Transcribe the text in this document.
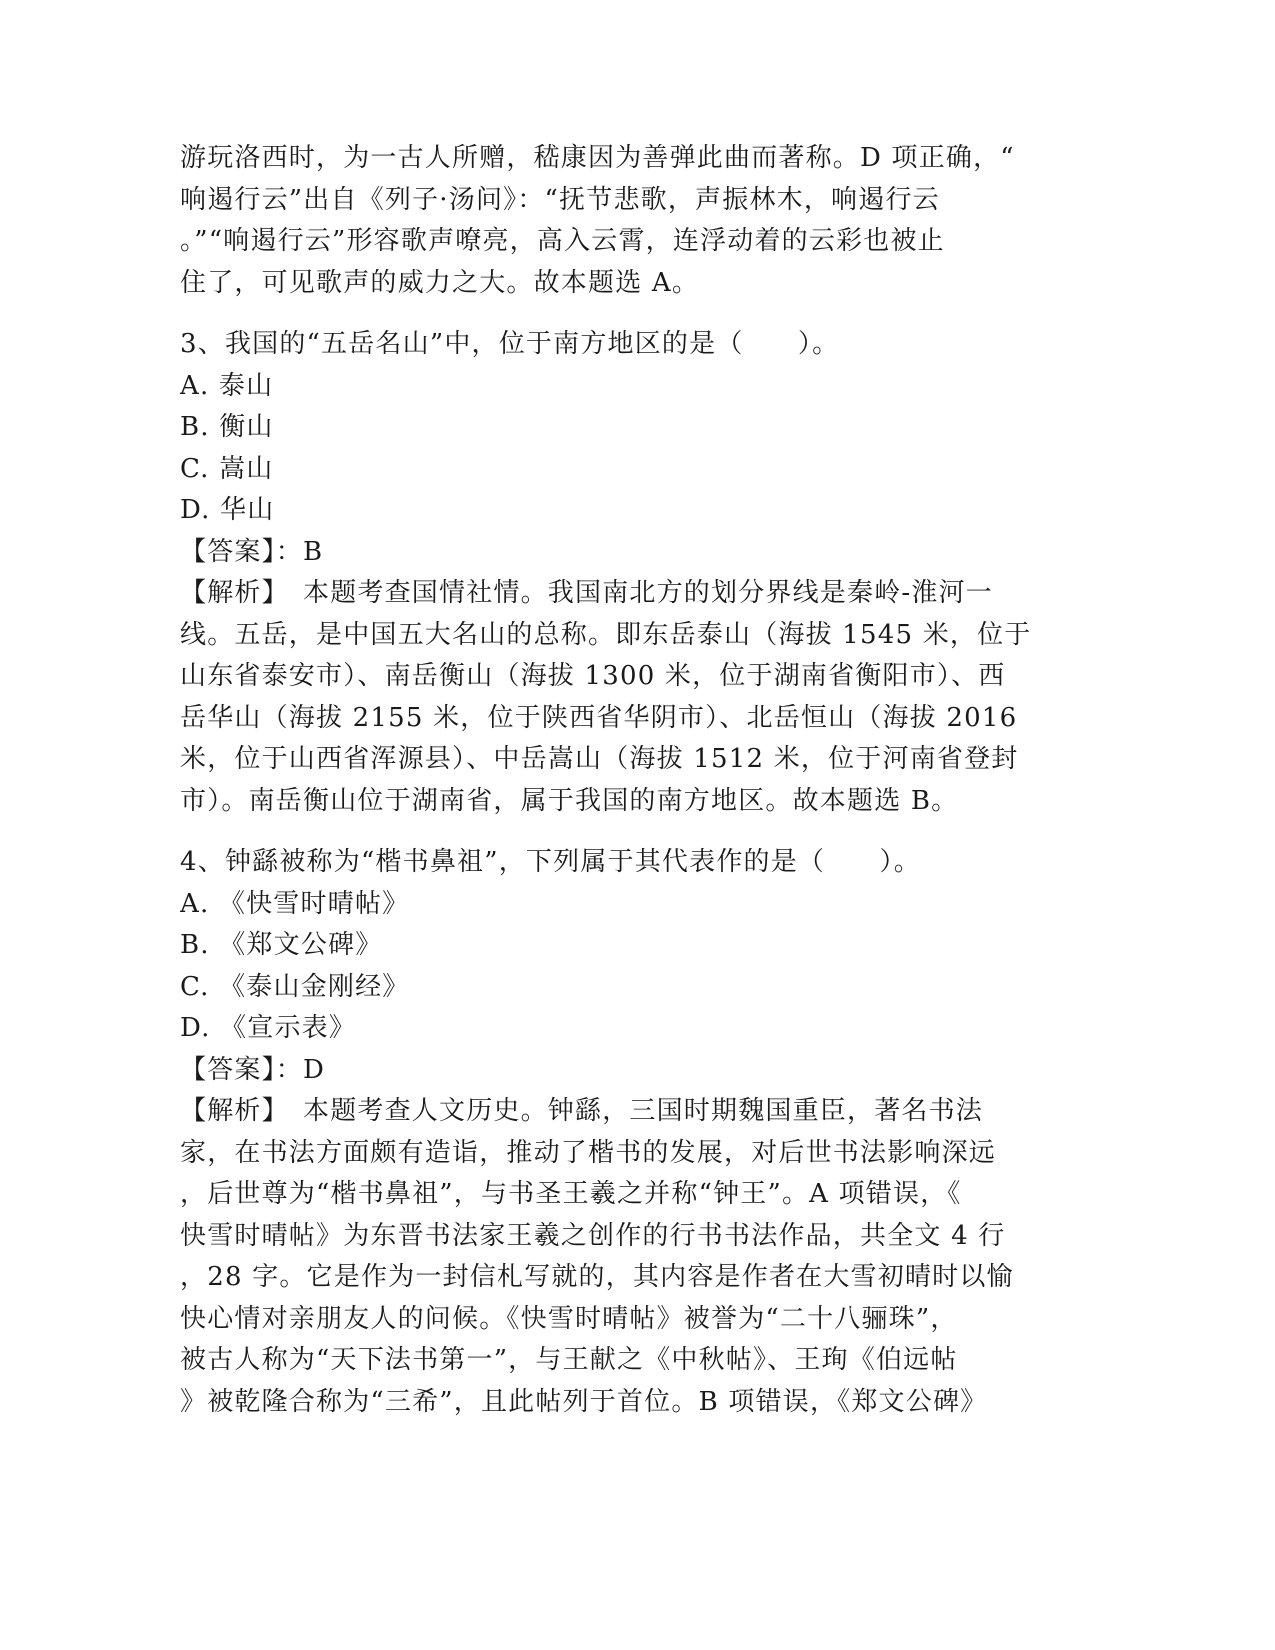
游玩洛西时，为一古人所赠，嵇康因为善弹此曲而著称。D 项正确，“
响遏行云”出自《列子·汤问》：“抚节悲歌，声振林木，响遏行云
。”“响遏行云”形容歌声嘹亮，高入云霄，连浮动着的云彩也被止
住了，可见歌声的威力之大。故本题选 A。
3、我国的“五岳名山”中，位于南方地区的是（　　）。
A. 泰山
B. 衡山
C. 嵩山
D. 华山
【答案】：B
【解析】　本题考查国情社情。我国南北方的划分界线是秦岭-淮河一
线。五岳，是中国五大名山的总称。即东岳泰山（海拔 1545 米，位于
山东省泰安市）、南岳衡山（海拔 1300 米，位于湖南省衡阳市）、西
岳华山（海拔 2155 米，位于陕西省华阴市）、北岳恒山（海拔 2016
米，位于山西省浑源县）、中岳嵩山（海拔 1512 米，位于河南省登封
市）。南岳衡山位于湖南省，属于我国的南方地区。故本题选 B。
4、钟繇被称为“楷书鼻祖”，下列属于其代表作的是（　　）。
A. 《快雪时晴帖》
B. 《郑文公碑》
C. 《泰山金刚经》
D. 《宣示表》
【答案】：D
【解析】　本题考查人文历史。钟繇，三国时期魏国重臣，著名书法
家，在书法方面颇有造诣，推动了楷书的发展，对后世书法影响深远
，后世尊为“楷书鼻祖”，与书圣王羲之并称“钟王”。A 项错误，《
快雪时晴帖》为东晋书法家王羲之创作的行书书法作品，共全文 4 行
，28 字。它是作为一封信札写就的，其内容是作者在大雪初晴时以愉
快心情对亲朋友人的问候。《快雪时晴帖》被誉为“二十八骊珠”，
被古人称为“天下法书第一”，与王献之《中秋帖》、王珣《伯远帖
》被乾隆合称为“三希”，且此帖列于首位。B 项错误，《郑文公碑》
